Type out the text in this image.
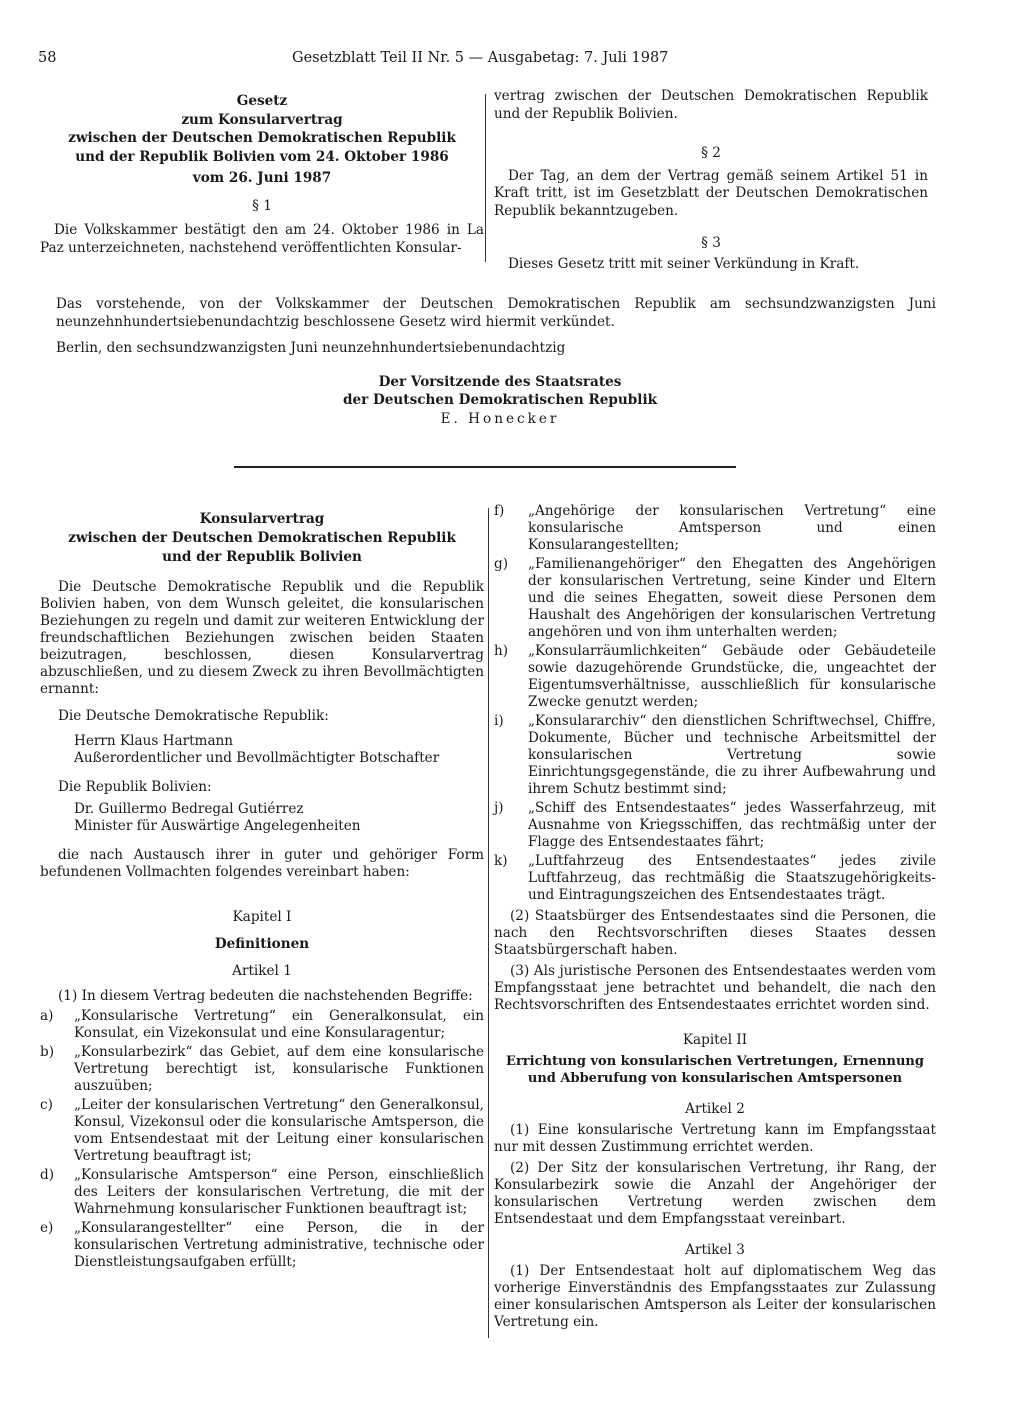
58	Gesetzblatt Teil II Nr. 5 — Ausgabetag: 7. Juli 1987
Gesetz
zum Konsularvertrag
zwischen der Deutschen Demokratischen Republik
und der Republik Bolivien vom 24. Oktober 1986
vom 26. Juni 1987
§ 1

Die Volkskammer bestätigt den am 24. Oktober 1986 in La Paz unterzeichneten, nachstehend veröffentlichten Konsular-

vertrag zwischen der Deutschen Demokratischen Republik und der Republik Bolivien.

§ 2

Der Tag, an dem der Vertrag gemäß seinem Artikel 51 in Kraft tritt, ist im Gesetzblatt der Deutschen Demokratischen Republik bekanntzugeben.

§ 3

Dieses Gesetz tritt mit seiner Verkündung in Kraft.

Das vorstehende, von der Volkskammer der Deutschen Demokratischen Republik am sechsundzwanzigsten Juni neunzehnhundertsiebenundachtzig beschlossene Gesetz wird hiermit verkündet.

Berlin, den sechsundzwanzigsten Juni neunzehnhundertsiebenundachtzig

Der Vorsitzende des Staatsrates
der Deutschen Demokratischen Republik
E. Honecker
Konsularvertrag
zwischen der Deutschen Demokratischen Republik
und der Republik Bolivien

Die Deutsche Demokratische Republik und die Republik Bolivien haben, von dem Wunsch geleitet, die konsularischen Beziehungen zu regeln und damit zur weiteren Entwicklung der freundschaftlichen Beziehungen zwischen beiden Staaten beizutragen, beschlossen, diesen Konsularvertrag abzuschließen, und zu diesem Zweck zu ihren Bevollmächtigten ernannt:

Die Deutsche Demokratische Republik:

Herrn Klaus Hartmann
Außerordentlicher und Bevollmächtigter Botschafter

Die Republik Bolivien:

Dr. Guillermo Bedregal Gutiérrez
Minister für Auswärtige Angelegenheiten

die nach Austausch ihrer in guter und gehöriger Form befundenen Vollmachten folgendes vereinbart haben:

Kapitel I
Definitionen
Artikel 1

(1) In diesem Vertrag bedeuten die nachstehenden Begriffe:

a) „Konsularische Vertretung“ ein Generalkonsulat, ein Konsulat, ein Vizekonsulat und eine Konsularagentur;
b) „Konsularbezirk“ das Gebiet, auf dem eine konsularische Vertretung berechtigt ist, konsularische Funktionen auszuüben;
c) „Leiter der konsularischen Vertretung“ den Generalkonsul, Konsul, Vizekonsul oder die konsularische Amtsperson, die vom Entsendestaat mit der Leitung einer konsularischen Vertretung beauftragt ist;
d) „Konsularische Amtsperson“ eine Person, einschließlich des Leiters der konsularischen Vertretung, die mit der Wahrnehmung konsularischer Funktionen beauftragt ist;
e) „Konsularangestellter“ eine Person, die in der konsularischen Vertretung administrative, technische oder Dienstleistungsaufgaben erfüllt;
f) „Angehörige der konsularischen Vertretung“ eine konsularische Amtsperson und einen Konsularangestellten;
g) „Familienangehöriger“ den Ehegatten des Angehörigen der konsularischen Vertretung, seine Kinder und Eltern und die seines Ehegatten, soweit diese Personen dem Haushalt des Angehörigen der konsularischen Vertretung angehören und von ihm unterhalten werden;
h) „Konsularräumlichkeiten“ Gebäude oder Gebäudeteile sowie dazugehörende Grundstücke, die, ungeachtet der Eigentumsverhältnisse, ausschließlich für konsularische Zwecke genutzt werden;
i) „Konsulararchiv“ den dienstlichen Schriftwechsel, Chiffre, Dokumente, Bücher und technische Arbeitsmittel der konsularischen Vertretung sowie Einrichtungsgegenstände, die zu ihrer Aufbewahrung und ihrem Schutz bestimmt sind;
j) „Schiff des Entsendestaates“ jedes Wasserfahrzeug, mit Ausnahme von Kriegsschiffen, das rechtmäßig unter der Flagge des Entsendestaates fährt;
k) „Luftfahrzeug des Entsendestaates“ jedes zivile Luftfahrzeug, das rechtmäßig die Staatszugehörigkeits- und Eintragungszeichen des Entsendestaates trägt.

(2) Staatsbürger des Entsendestaates sind die Personen, die nach den Rechtsvorschriften dieses Staates dessen Staatsbürgerschaft haben.

(3) Als juristische Personen des Entsendestaates werden vom Empfangsstaat jene betrachtet und behandelt, die nach den Rechtsvorschriften des Entsendestaates errichtet worden sind.

Kapitel II
Errichtung von konsularischen Vertretungen, Ernennung
und Abberufung von konsularischen Amtspersonen
Artikel 2

(1) Eine konsularische Vertretung kann im Empfangsstaat nur mit dessen Zustimmung errichtet werden.

(2) Der Sitz der konsularischen Vertretung, ihr Rang, der Konsularbezirk sowie die Anzahl der Angehöriger der konsularischen Vertretung werden zwischen dem Entsendestaat und dem Empfangsstaat vereinbart.

Artikel 3

(1) Der Entsendestaat holt auf diplomatischem Weg das vorherige Einverständnis des Empfangsstaates zur Zulassung einer konsularischen Amtsperson als Leiter der konsularischen Vertretung ein.
